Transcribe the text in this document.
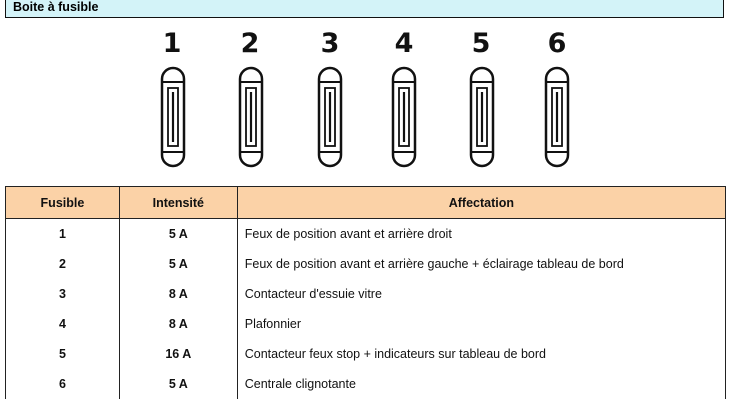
Boite à fusible
1	2	3	4	5	6
Fusible	Intensité	Affectation
1	5 A	Feux de position avant et arrière droit
2	5 A	Feux de position avant et arrière gauche + éclairage tableau de bord
3	8 A	Contacteur d'essuie vitre
4	8 A	Plafonnier
5	16 A	Contacteur feux stop + indicateurs sur tableau de bord
6	5 A	Centrale clignotante
